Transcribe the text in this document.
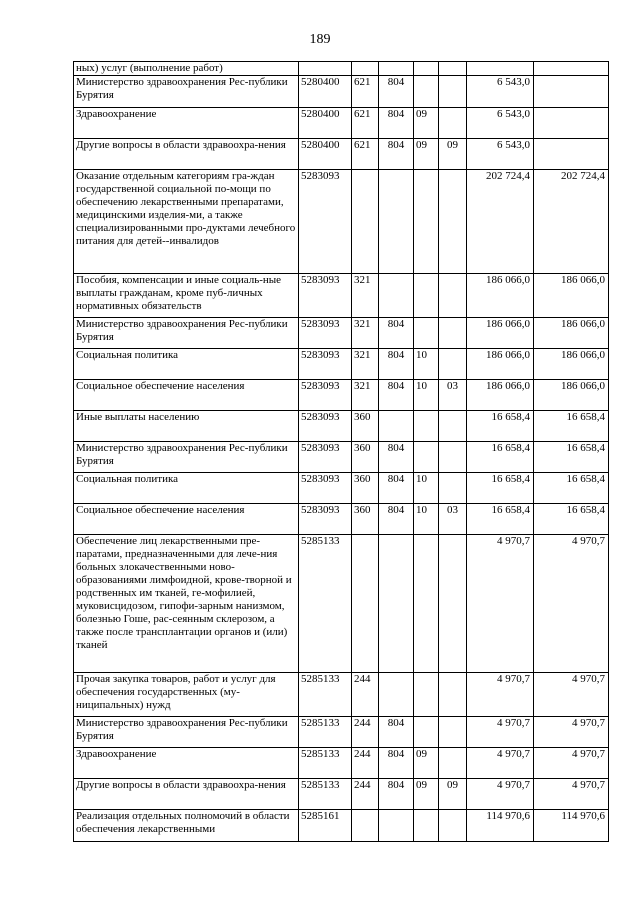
189
ных) услуг (выполнение работ)							
Министерство здравоохранения Рес-публики Бурятия	5280400	621	804			6 543,0	
Здравоохранение	5280400	621	804	09		6 543,0	
Другие вопросы в области здравоохра-нения	5280400	621	804	09	09	6 543,0	
Оказание отдельным категориям гра-ждан государственной социальной по-мощи по обеспечению лекарственными препаратами, медицинскими изделия-ми, а также специализированными про-дуктами лечебного питания для детей--инвалидов	5283093					202 724,4	202 724,4
Пособия, компенсации и иные социаль-ные выплаты гражданам, кроме пуб-личных нормативных обязательств	5283093	321				186 066,0	186 066,0
Министерство здравоохранения Рес-публики Бурятия	5283093	321	804			186 066,0	186 066,0
Социальная политика	5283093	321	804	10		186 066,0	186 066,0
Социальное обеспечение населения	5283093	321	804	10	03	186 066,0	186 066,0
Иные выплаты населению	5283093	360				16 658,4	16 658,4
Министерство здравоохранения Рес-публики Бурятия	5283093	360	804			16 658,4	16 658,4
Социальная политика	5283093	360	804	10		16 658,4	16 658,4
Социальное обеспечение населения	5283093	360	804	10	03	16 658,4	16 658,4
Обеспечение лиц лекарственными пре-паратами, предназначенными для лече-ния больных злокачественными ново-образованиями лимфоидной, крове-творной и родственных им тканей, ге-мофилией, муковисцидозом, гипофи-зарным нанизмом, болезнью Гоше, рас-сеянным склерозом, а также после трансплантации органов и (или) тканей	5285133					4 970,7	4 970,7
Прочая закупка товаров, работ и услуг для обеспечения государственных (му-ниципальных) нужд	5285133	244				4 970,7	4 970,7
Министерство здравоохранения Рес-публики Бурятия	5285133	244	804			4 970,7	4 970,7
Здравоохранение	5285133	244	804	09		4 970,7	4 970,7
Другие вопросы в области здравоохра-нения	5285133	244	804	09	09	4 970,7	4 970,7
Реализация отдельных полномочий в области обеспечения лекарственными	5285161					114 970,6	114 970,6
